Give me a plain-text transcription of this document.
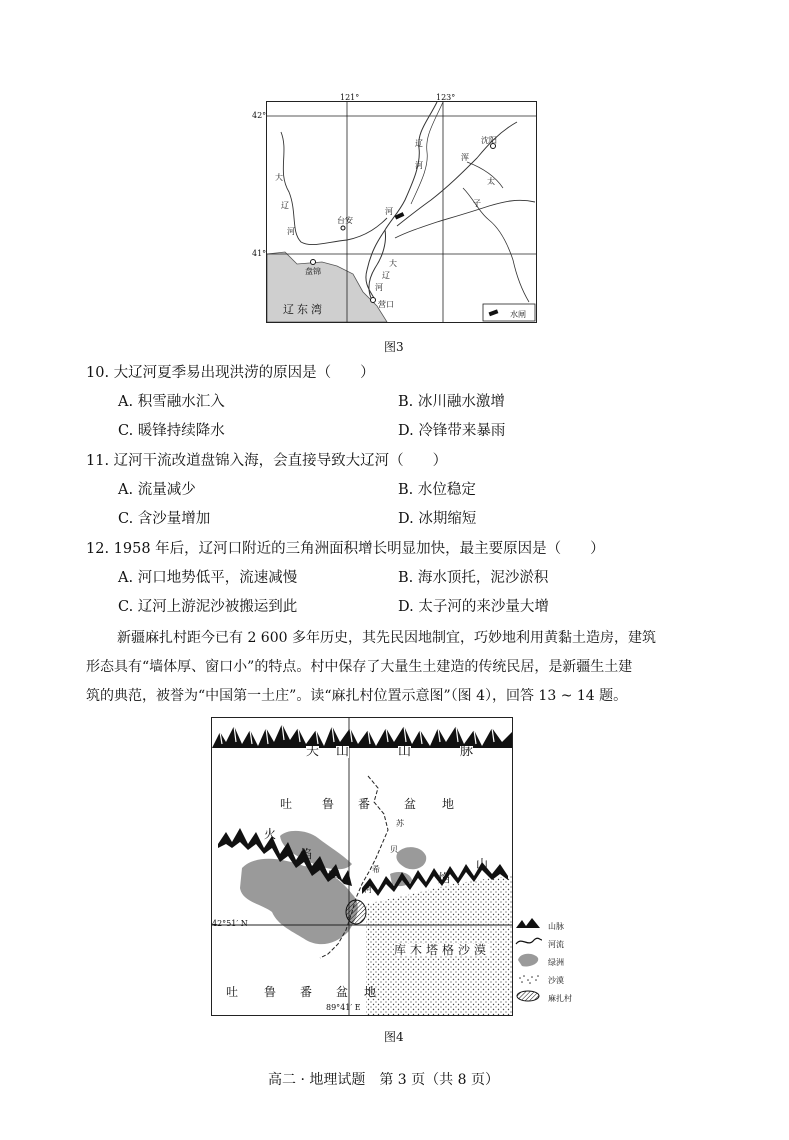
沈阳
盘锦
营口
台安
浑
太
子
辽
河
河
大
辽
河
大
辽
河
辽东湾	水闸
42°
41°
121°	123°
图3
10. 大辽河夏季易出现洪涝的原因是（　　）
A. 积雪融水汇入	B. 冰川融水激增
C. 暖锋持续降水	D. 冷锋带来暴雨
11. 辽河干流改道盘锦入海，会直接导致大辽河（　　）
A. 流量减少	B. 水位稳定
C. 含沙量增加	D. 冰期缩短
12. 1958 年后，辽河口附近的三角洲面积增长明显加快，最主要原因是（　　）
A. 河口地势低平，流速减慢	B. 海水顶托，泥沙淤积
C. 辽河上游泥沙被搬运到此	D. 太子河的来沙量大增
新疆麻扎村距今已有 2 600 多年历史，其先民因地制宜，巧妙地利用黄黏土造房，建筑
形态具有“墙体厚、窗口小”的特点。村中保存了大量生土建造的传统民居，是新疆生土建
筑的典范，被誉为“中国第一土庄”。读“麻扎村位置示意图”（图 4），回答 13 ~ 14 题。
天 山	山	脉
吐 鲁 番	盆 地
火
焰
山	焰
山
苏
贝
希
河
库木塔格沙漠
吐 鲁 番 盆 地
42°51′ N
89°41′ E
山脉
河流
绿洲
沙漠
麻扎村
图4
高二 · 地理试题　第 3 页（共 8 页）
